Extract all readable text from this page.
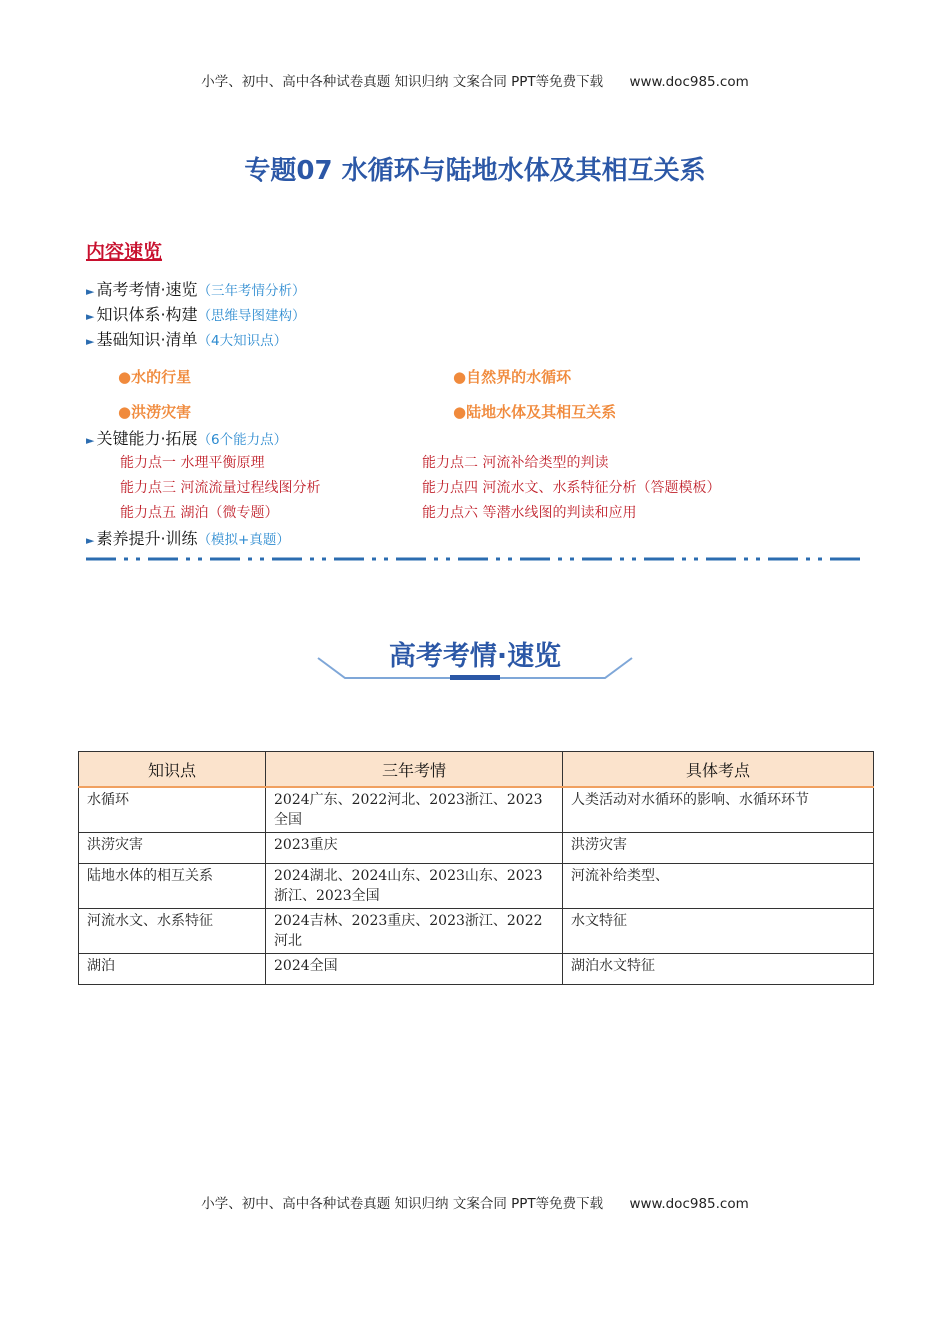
小学、初中、高中各种试卷真题 知识归纳 文案合同 PPT等免费下载 www.doc985.com
专题07 水循环与陆地水体及其相互关系
内容速览
► 高考考情·速览（三年考情分析）
► 知识体系·构建（思维导图建构）
► 基础知识·清单（4大知识点）
●水的行星	●自然界的水循环
●洪涝灾害	●陆地水体及其相互关系
► 关键能力·拓展（6个能力点）
能力点一 水理平衡原理	能力点二 河流补给类型的判读
能力点三 河流流量过程线图分析	能力点四 河流水文、水系特征分析（答题模板）
能力点五 湖泊（微专题）	能力点六 等潜水线图的判读和应用
► 素养提升·训练（模拟+真题）
高考考情·速览
知识点	三年考情	具体考点
水循环	2024广东、2022河北、2023浙江、2023全国	人类活动对水循环的影响、水循环环节
洪涝灾害	2023重庆	洪涝灾害
陆地水体的相互关系	2024湖北、2024山东、2023山东、2023浙江、2023全国	河流补给类型、
河流水文、水系特征	2024吉林、2023重庆、2023浙江、2022河北	水文特征
湖泊	2024全国	湖泊水文特征
小学、初中、高中各种试卷真题 知识归纳 文案合同 PPT等免费下载 www.doc985.com
